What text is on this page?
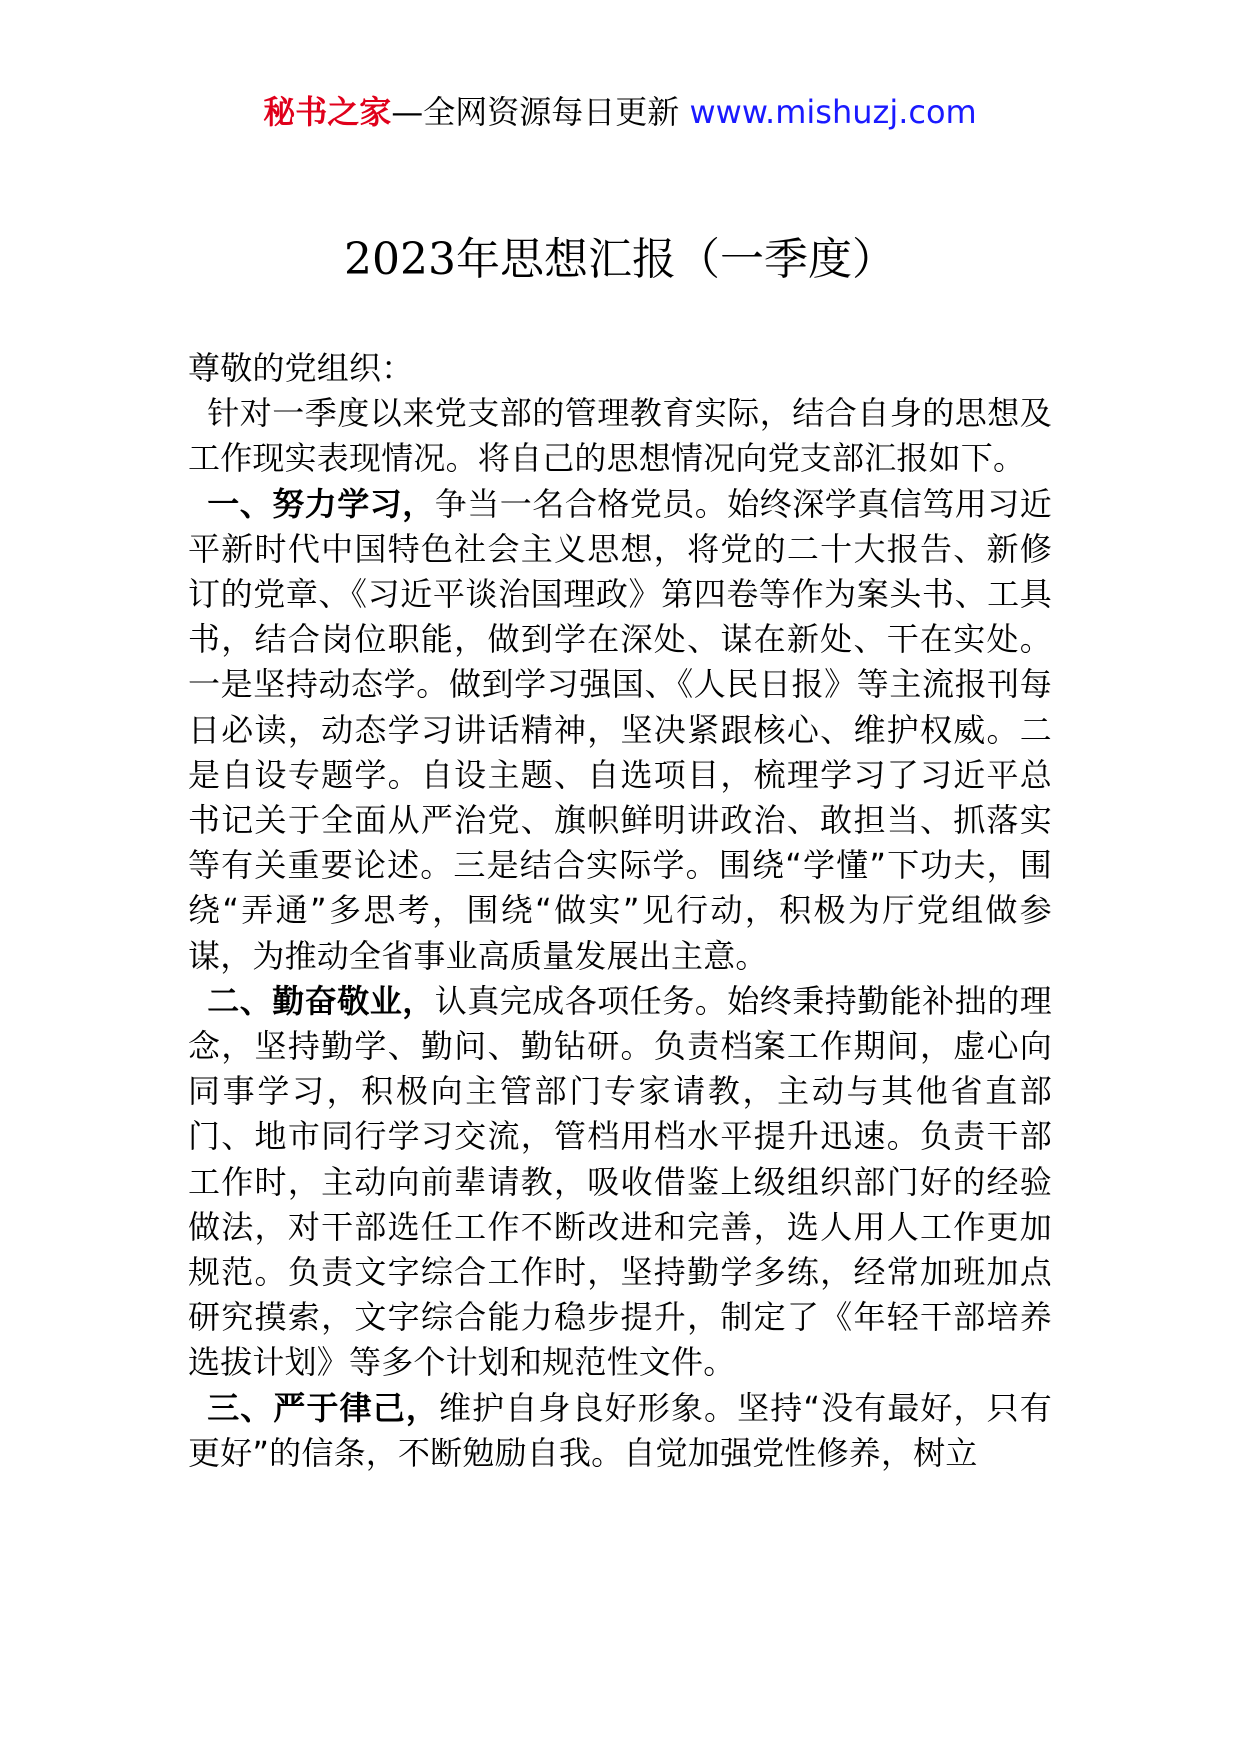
秘书之家—全网资源每日更新 www.mishuzj.com
2023年思想汇报（一季度）

尊敬的党组织：

针对一季度以来党支部的管理教育实际，结合自身的思想及工作现实表现情况。将自己的思想情况向党支部汇报如下。

一、努力学习，争当一名合格党员。始终深学真信笃用习近平新时代中国特色社会主义思想，将党的二十大报告、新修订的党章、《习近平谈治国理政》第四卷等作为案头书、工具书，结合岗位职能，做到学在深处、谋在新处、干在实处。一是坚持动态学。做到学习强国、《人民日报》等主流报刊每日必读，动态学习讲话精神，坚决紧跟核心、维护权威。二是自设专题学。自设主题、自选项目，梳理学习了习近平总书记关于全面从严治党、旗帜鲜明讲政治、敢担当、抓落实等有关重要论述。三是结合实际学。围绕“学懂”下功夫，围绕“弄通”多思考，围绕“做实”见行动，积极为厅党组做参谋，为推动全省事业高质量发展出主意。

二、勤奋敬业，认真完成各项任务。始终秉持勤能补拙的理念，坚持勤学、勤问、勤钻研。负责档案工作期间，虚心向同事学习，积极向主管部门专家请教，主动与其他省直部门、地市同行学习交流，管档用档水平提升迅速。负责干部工作时，主动向前辈请教，吸收借鉴上级组织部门好的经验做法，对干部选任工作不断改进和完善，选人用人工作更加规范。负责文字综合工作时，坚持勤学多练，经常加班加点研究摸索，文字综合能力稳步提升，制定了《年轻干部培养选拔计划》等多个计划和规范性文件。

三、严于律己，维护自身良好形象。坚持“没有最好，只有更好”的信条，不断勉励自我。自觉加强党性修养，树立
